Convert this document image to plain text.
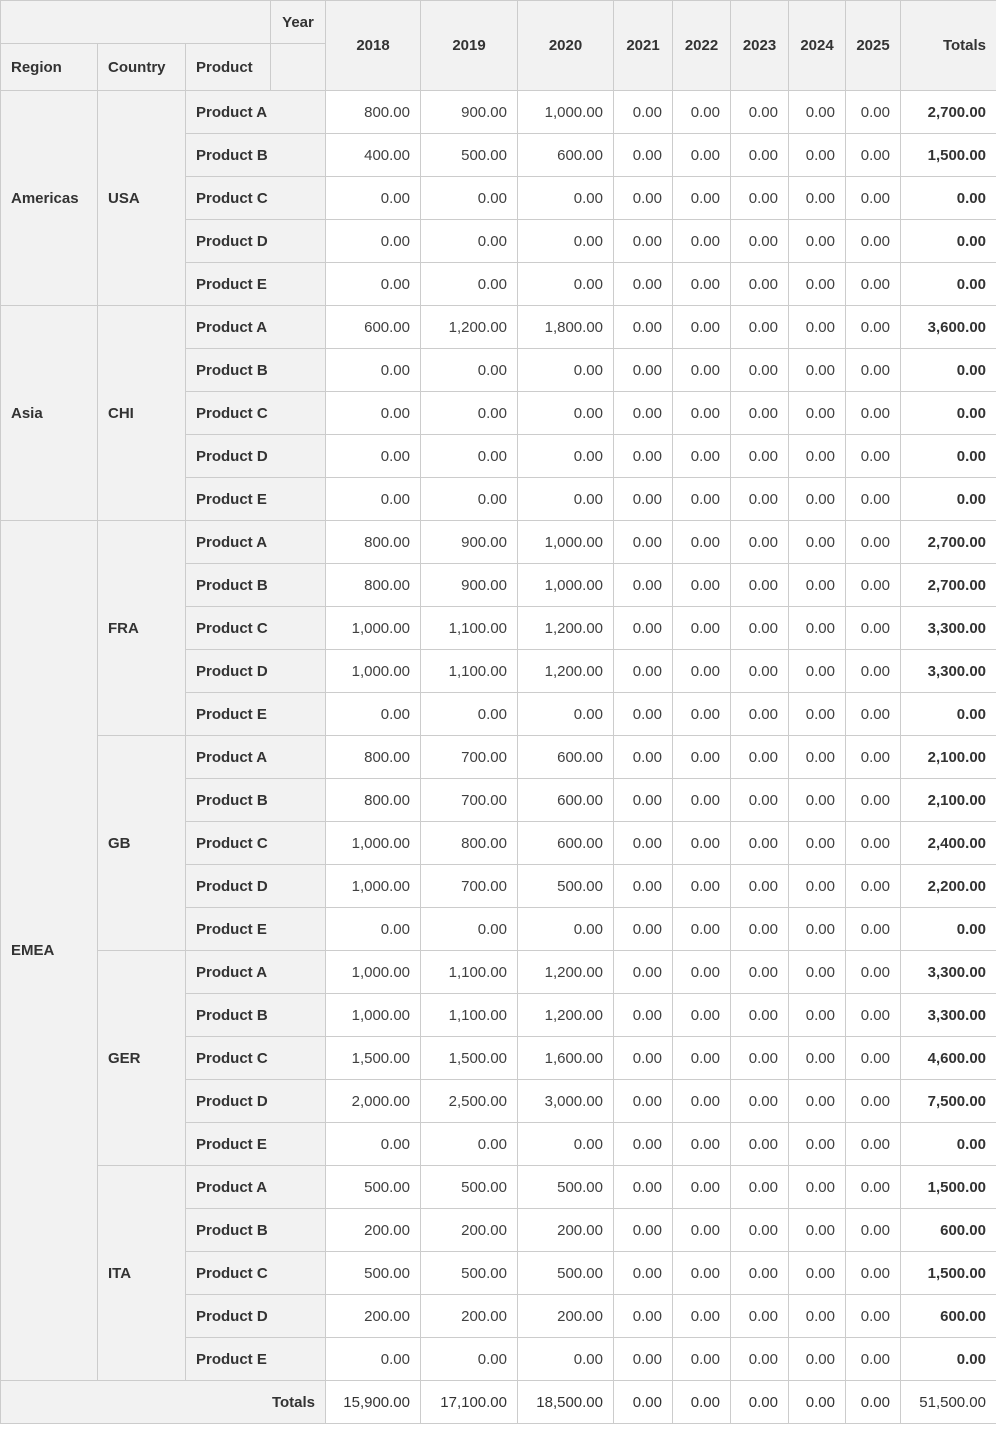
			Year	2018	2019	2020	2021	2022	2023	2024	2025	Totals
Region	Country	Product										
Americas	USA	Product A		800.00	900.00	1,000.00	0.00	0.00	0.00	0.00	0.00	2,700.00
		Product B		400.00	500.00	600.00	0.00	0.00	0.00	0.00	0.00	1,500.00
		Product C		0.00	0.00	0.00	0.00	0.00	0.00	0.00	0.00	0.00
		Product D		0.00	0.00	0.00	0.00	0.00	0.00	0.00	0.00	0.00
		Product E		0.00	0.00	0.00	0.00	0.00	0.00	0.00	0.00	0.00
Asia	CHI	Product A		600.00	1,200.00	1,800.00	0.00	0.00	0.00	0.00	0.00	3,600.00
		Product B		0.00	0.00	0.00	0.00	0.00	0.00	0.00	0.00	0.00
		Product C		0.00	0.00	0.00	0.00	0.00	0.00	0.00	0.00	0.00
		Product D		0.00	0.00	0.00	0.00	0.00	0.00	0.00	0.00	0.00
		Product E		0.00	0.00	0.00	0.00	0.00	0.00	0.00	0.00	0.00
EMEA	FRA	Product A		800.00	900.00	1,000.00	0.00	0.00	0.00	0.00	0.00	2,700.00
		Product B		800.00	900.00	1,000.00	0.00	0.00	0.00	0.00	0.00	2,700.00
		Product C		1,000.00	1,100.00	1,200.00	0.00	0.00	0.00	0.00	0.00	3,300.00
		Product D		1,000.00	1,100.00	1,200.00	0.00	0.00	0.00	0.00	0.00	3,300.00
		Product E		0.00	0.00	0.00	0.00	0.00	0.00	0.00	0.00	0.00
	GB	Product A		800.00	700.00	600.00	0.00	0.00	0.00	0.00	0.00	2,100.00
		Product B		800.00	700.00	600.00	0.00	0.00	0.00	0.00	0.00	2,100.00
		Product C		1,000.00	800.00	600.00	0.00	0.00	0.00	0.00	0.00	2,400.00
		Product D		1,000.00	700.00	500.00	0.00	0.00	0.00	0.00	0.00	2,200.00
		Product E		0.00	0.00	0.00	0.00	0.00	0.00	0.00	0.00	0.00
	GER	Product A		1,000.00	1,100.00	1,200.00	0.00	0.00	0.00	0.00	0.00	3,300.00
		Product B		1,000.00	1,100.00	1,200.00	0.00	0.00	0.00	0.00	0.00	3,300.00
		Product C		1,500.00	1,500.00	1,600.00	0.00	0.00	0.00	0.00	0.00	4,600.00
		Product D		2,000.00	2,500.00	3,000.00	0.00	0.00	0.00	0.00	0.00	7,500.00
		Product E		0.00	0.00	0.00	0.00	0.00	0.00	0.00	0.00	0.00
	ITA	Product A		500.00	500.00	500.00	0.00	0.00	0.00	0.00	0.00	1,500.00
		Product B		200.00	200.00	200.00	0.00	0.00	0.00	0.00	0.00	600.00
		Product C		500.00	500.00	500.00	0.00	0.00	0.00	0.00	0.00	1,500.00
		Product D		200.00	200.00	200.00	0.00	0.00	0.00	0.00	0.00	600.00
		Product E		0.00	0.00	0.00	0.00	0.00	0.00	0.00	0.00	0.00
Totals				15,900.00	17,100.00	18,500.00	0.00	0.00	0.00	0.00	0.00	51,500.00
